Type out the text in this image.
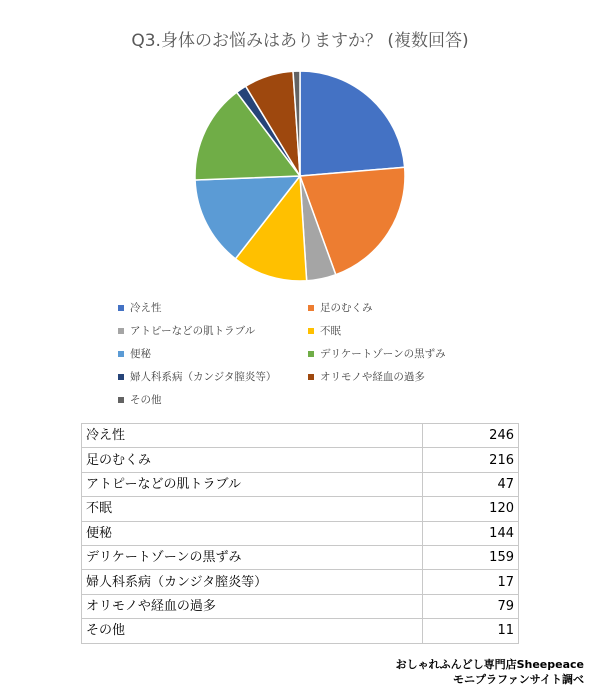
Q3.身体のお悩みはありますか？ (複数回答)
冷え性	足のむくみ
アトピーなどの肌トラブル	不眠
便秘	デリケートゾーンの黒ずみ
婦人科系病（カンジタ膣炎等）	オリモノや経血の過多
その他
冷え性	246
足のむくみ	216
アトピーなどの肌トラブル	47
不眠	120
便秘	144
デリケートゾーンの黒ずみ	159
婦人科系病（カンジタ膣炎等）	17
オリモノや経血の過多	79
その他	11
おしゃれふんどし専門店Sheepeace
モニプラファンサイト調べ
